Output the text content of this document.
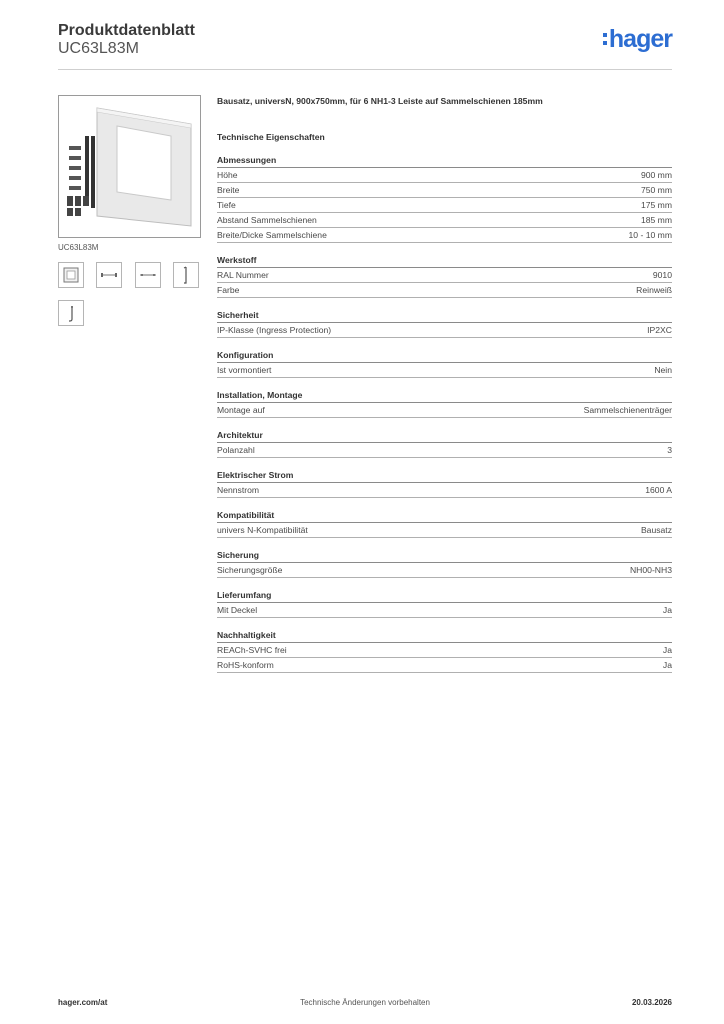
Produktdatenblatt
UC63L83M	hager
UC63L83M
Bausatz, universN, 900x750mm, für 6 NH1-3 Leiste auf Sammelschienen 185mm
Technische Eigenschaften
Abmessungen
Höhe	900 mm
Breite	750 mm
Tiefe	175 mm
Abstand Sammelschienen	185 mm
Breite/Dicke Sammelschiene	10 - 10 mm
Werkstoff
RAL Nummer	9010
Farbe	Reinweiß
Sicherheit
IP-Klasse (Ingress Protection)	IP2XC
Konfiguration
Ist vormontiert	Nein
Installation, Montage
Montage auf	Sammelschienenträger
Architektur
Polanzahl	3
Elektrischer Strom
Nennstrom	1600 A
Kompatibilität
univers N-Kompatibilität	Bausatz
Sicherung
Sicherungsgröße	NH00-NH3
Lieferumfang
Mit Deckel	Ja
Nachhaltigkeit
REACh-SVHC frei	Ja
RoHS-konform	Ja
hager.com/at	Technische Änderungen vorbehalten	20.03.2026
